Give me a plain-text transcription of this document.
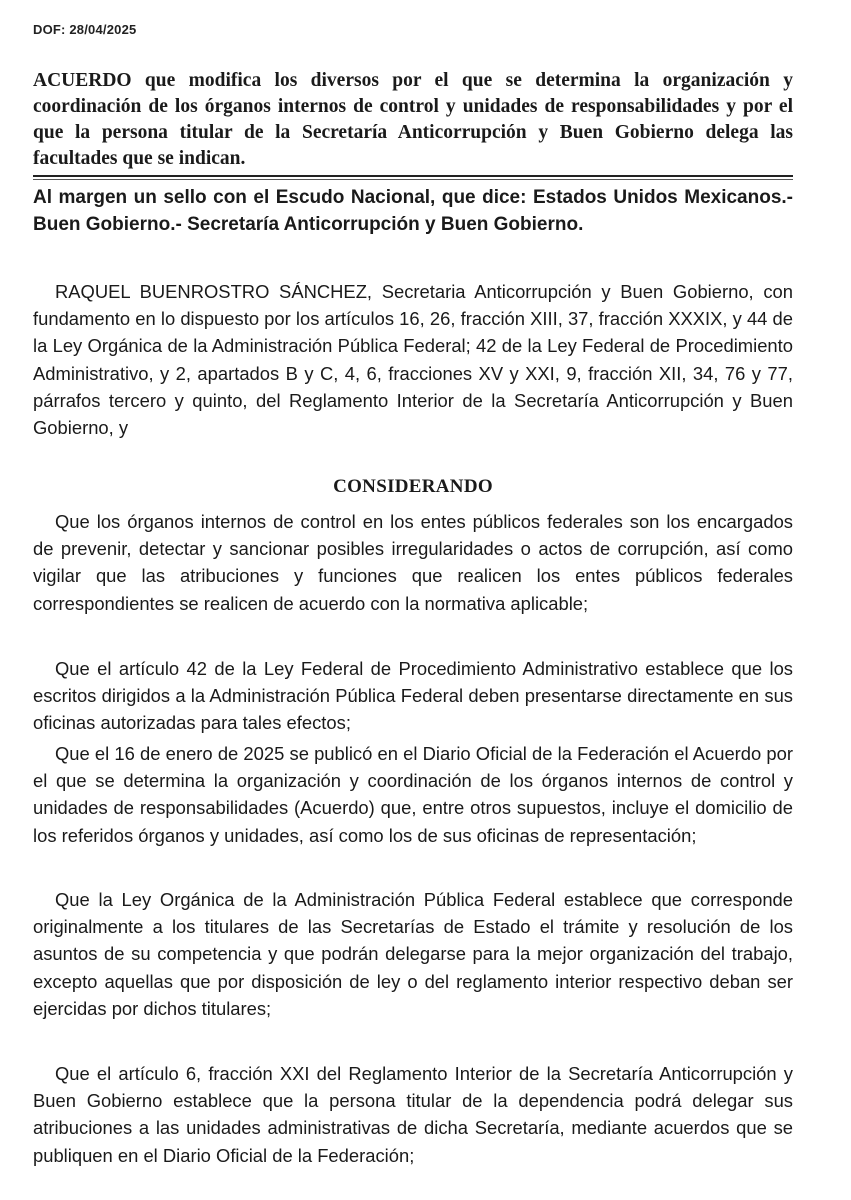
DOF: 28/04/2025
ACUERDO que modifica los diversos por el que se determina la organización y coordinación de los órganos internos de control y unidades de responsabilidades y por el que la persona titular de la Secretaría Anticorrupción y Buen Gobierno delega las facultades que se indican.
Al margen un sello con el Escudo Nacional, que dice: Estados Unidos Mexicanos.- Buen Gobierno.- Secretaría Anticorrupción y Buen Gobierno.

RAQUEL BUENROSTRO SÁNCHEZ, Secretaria Anticorrupción y Buen Gobierno, con fundamento en lo dispuesto por los artículos 16, 26, fracción XIII, 37, fracción XXXIX, y 44 de la Ley Orgánica de la Administración Pública Federal; 42 de la Ley Federal de Procedimiento Administrativo, y 2, apartados B y C, 4, 6, fracciones XV y XXI, 9, fracción XII, 34, 76 y 77, párrafos tercero y quinto, del Reglamento Interior de la Secretaría Anticorrupción y Buen Gobierno, y

CONSIDERANDO

Que los órganos internos de control en los entes públicos federales son los encargados de prevenir, detectar y sancionar posibles irregularidades o actos de corrupción, así como vigilar que las atribuciones y funciones que realicen los entes públicos federales correspondientes se realicen de acuerdo con la normativa aplicable;

Que el artículo 42 de la Ley Federal de Procedimiento Administrativo establece que los escritos dirigidos a la Administración Pública Federal deben presentarse directamente en sus oficinas autorizadas para tales efectos;

Que el 16 de enero de 2025 se publicó en el Diario Oficial de la Federación el Acuerdo por el que se determina la organización y coordinación de los órganos internos de control y unidades de responsabilidades (Acuerdo) que, entre otros supuestos, incluye el domicilio de los referidos órganos y unidades, así como los de sus oficinas de representación;

Que la Ley Orgánica de la Administración Pública Federal establece que corresponde originalmente a los titulares de las Secretarías de Estado el trámite y resolución de los asuntos de su competencia y que podrán delegarse para la mejor organización del trabajo, excepto aquellas que por disposición de ley o del reglamento interior respectivo deban ser ejercidas por dichos titulares;

Que el artículo 6, fracción XXI del Reglamento Interior de la Secretaría Anticorrupción y Buen Gobierno establece que la persona titular de la dependencia podrá delegar sus atribuciones a las unidades administrativas de dicha Secretaría, mediante acuerdos que se publiquen en el Diario Oficial de la Federación;
